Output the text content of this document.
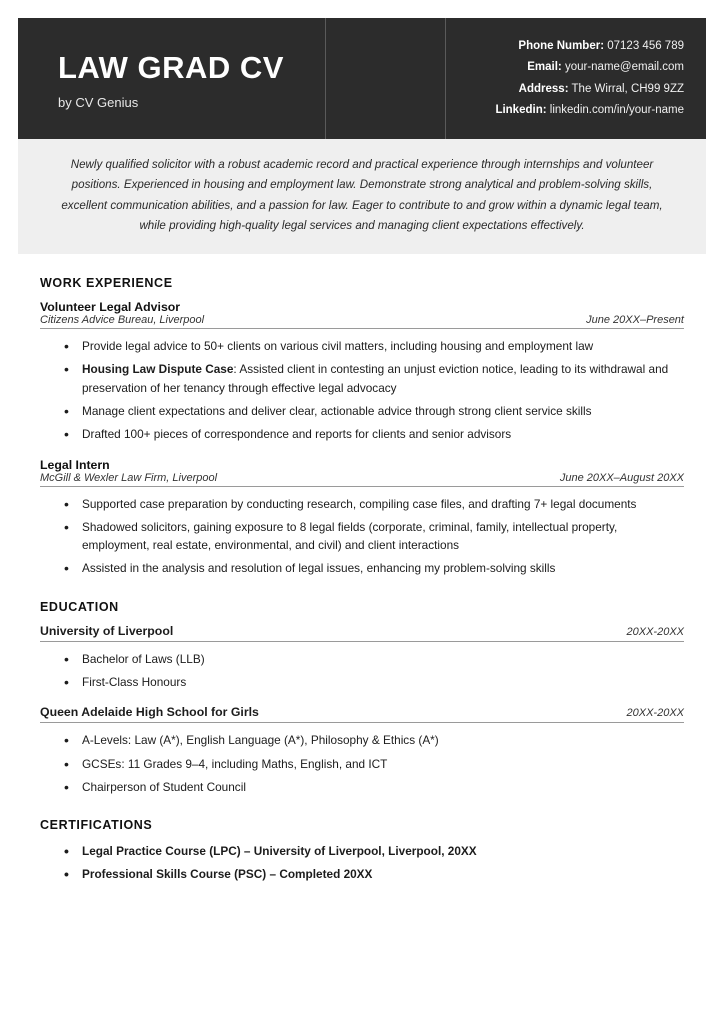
LAW GRAD CV
by CV Genius
Phone Number: 07123 456 789
Email: your-name@email.com
Address: The Wirral, CH99 9ZZ
Linkedin: linkedin.com/in/your-name

Newly qualified solicitor with a robust academic record and practical experience through internships and volunteer positions. Experienced in housing and employment law. Demonstrate strong analytical and problem-solving skills, excellent communication abilities, and a passion for law. Eager to contribute to and grow within a dynamic legal team, while providing high-quality legal services and managing client expectations effectively.

WORK EXPERIENCE
Volunteer Legal Advisor
Citizens Advice Bureau, Liverpool	June 20XX–Present
• Provide legal advice to 50+ clients on various civil matters, including housing and employment law
• Housing Law Dispute Case: Assisted client in contesting an unjust eviction notice, leading to its withdrawal and preservation of her tenancy through effective legal advocacy
• Manage client expectations and deliver clear, actionable advice through strong client service skills
• Drafted 100+ pieces of correspondence and reports for clients and senior advisors
Legal Intern
McGill & Wexler Law Firm, Liverpool	June 20XX–August 20XX
• Supported case preparation by conducting research, compiling case files, and drafting 7+ legal documents
• Shadowed solicitors, gaining exposure to 8 legal fields (corporate, criminal, family, intellectual property, employment, real estate, environmental, and civil) and client interactions
• Assisted in the analysis and resolution of legal issues, enhancing my problem-solving skills
EDUCATION
University of Liverpool	20XX-20XX
• Bachelor of Laws (LLB)
• First-Class Honours
Queen Adelaide High School for Girls	20XX-20XX
• A-Levels: Law (A*), English Language (A*), Philosophy & Ethics (A*)
• GCSEs: 11 Grades 9–4, including Maths, English, and ICT
• Chairperson of Student Council
CERTIFICATIONS
• Legal Practice Course (LPC) – University of Liverpool, Liverpool, 20XX
• Professional Skills Course (PSC) – Completed 20XX
